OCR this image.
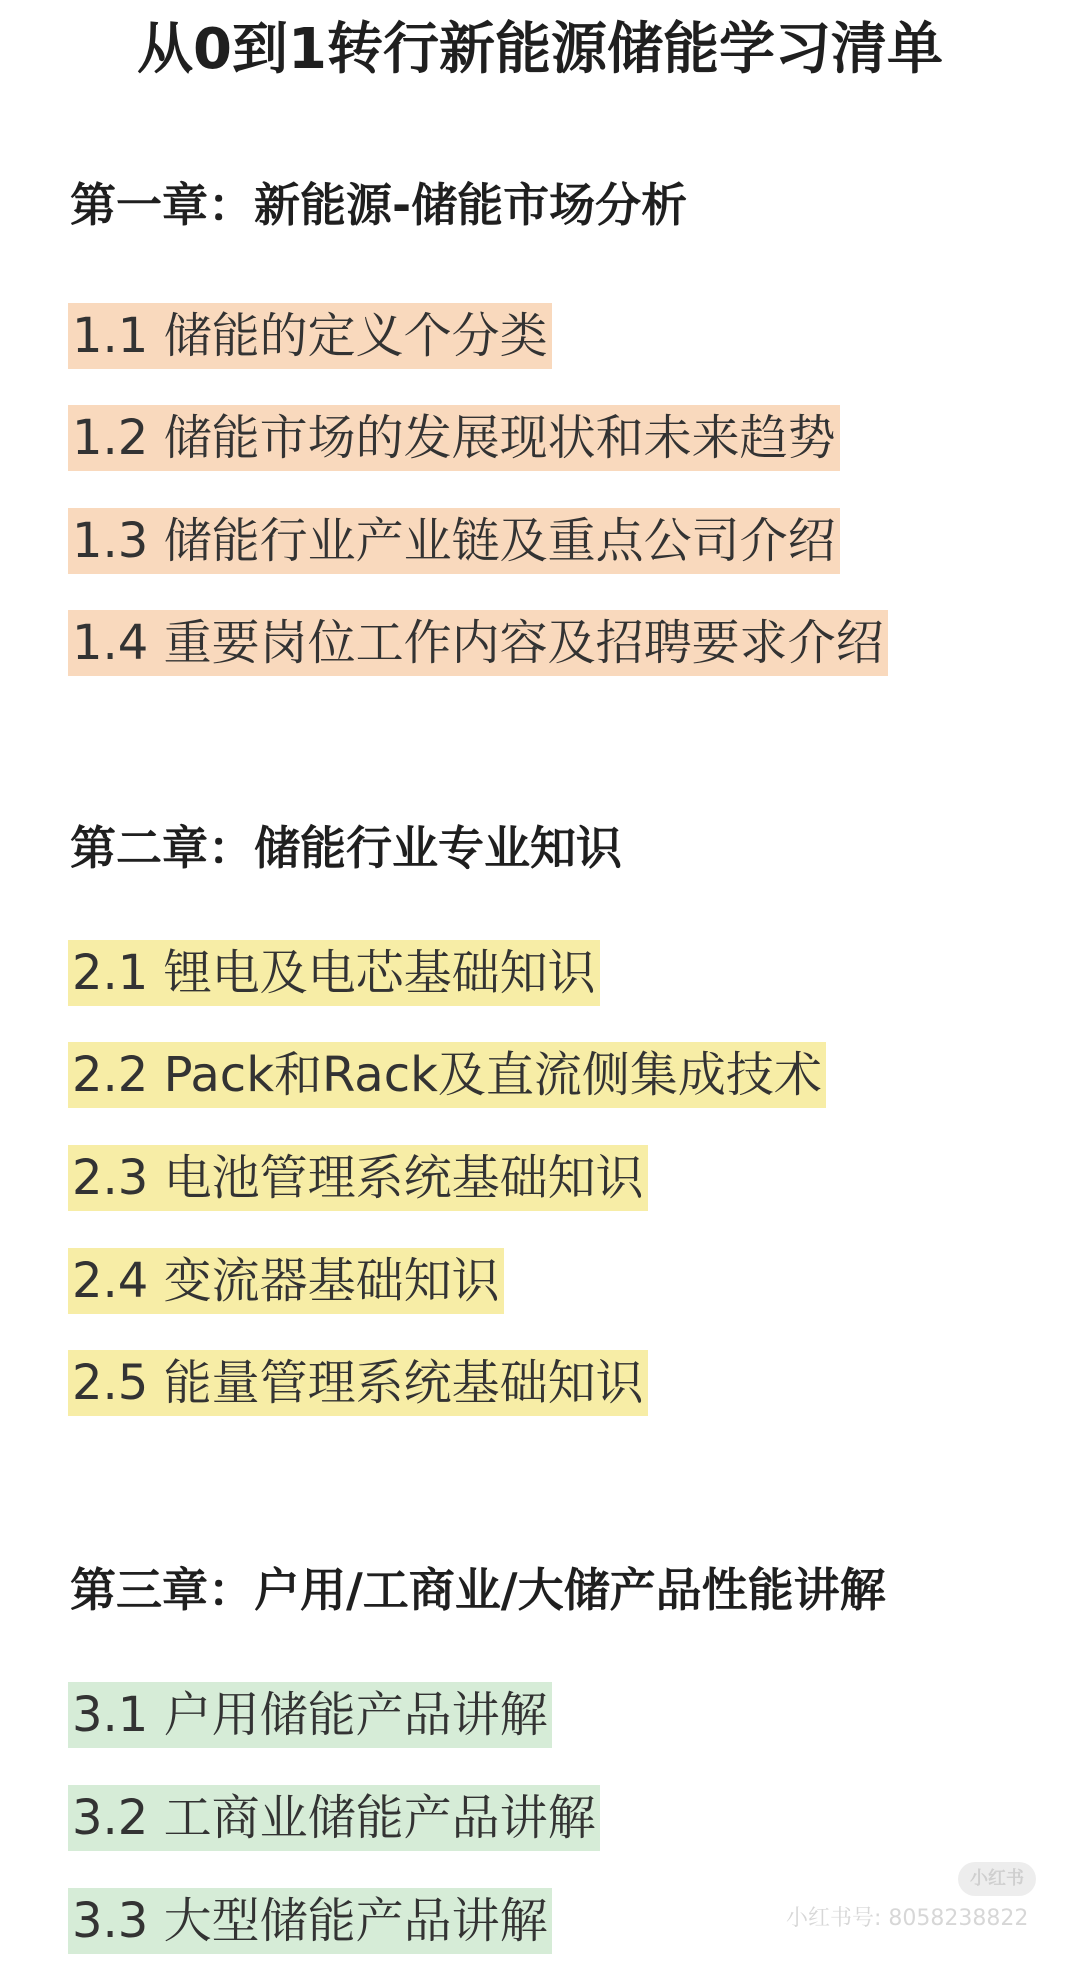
从0到1转行新能源储能学习清单
第一章：新能源-储能市场分析
1.1 储能的定义个分类
1.2 储能市场的发展现状和未来趋势
1.3 储能行业产业链及重点公司介绍
1.4 重要岗位工作内容及招聘要求介绍
第二章：储能行业专业知识
2.1 锂电及电芯基础知识
2.2 Pack和Rack及直流侧集成技术
2.3 电池管理系统基础知识
2.4 变流器基础知识
2.5 能量管理系统基础知识
第三章：户用/工商业/大储产品性能讲解
3.1 户用储能产品讲解
3.2 工商业储能产品讲解
3.3 大型储能产品讲解
小红书
小红书号: 8058238822
